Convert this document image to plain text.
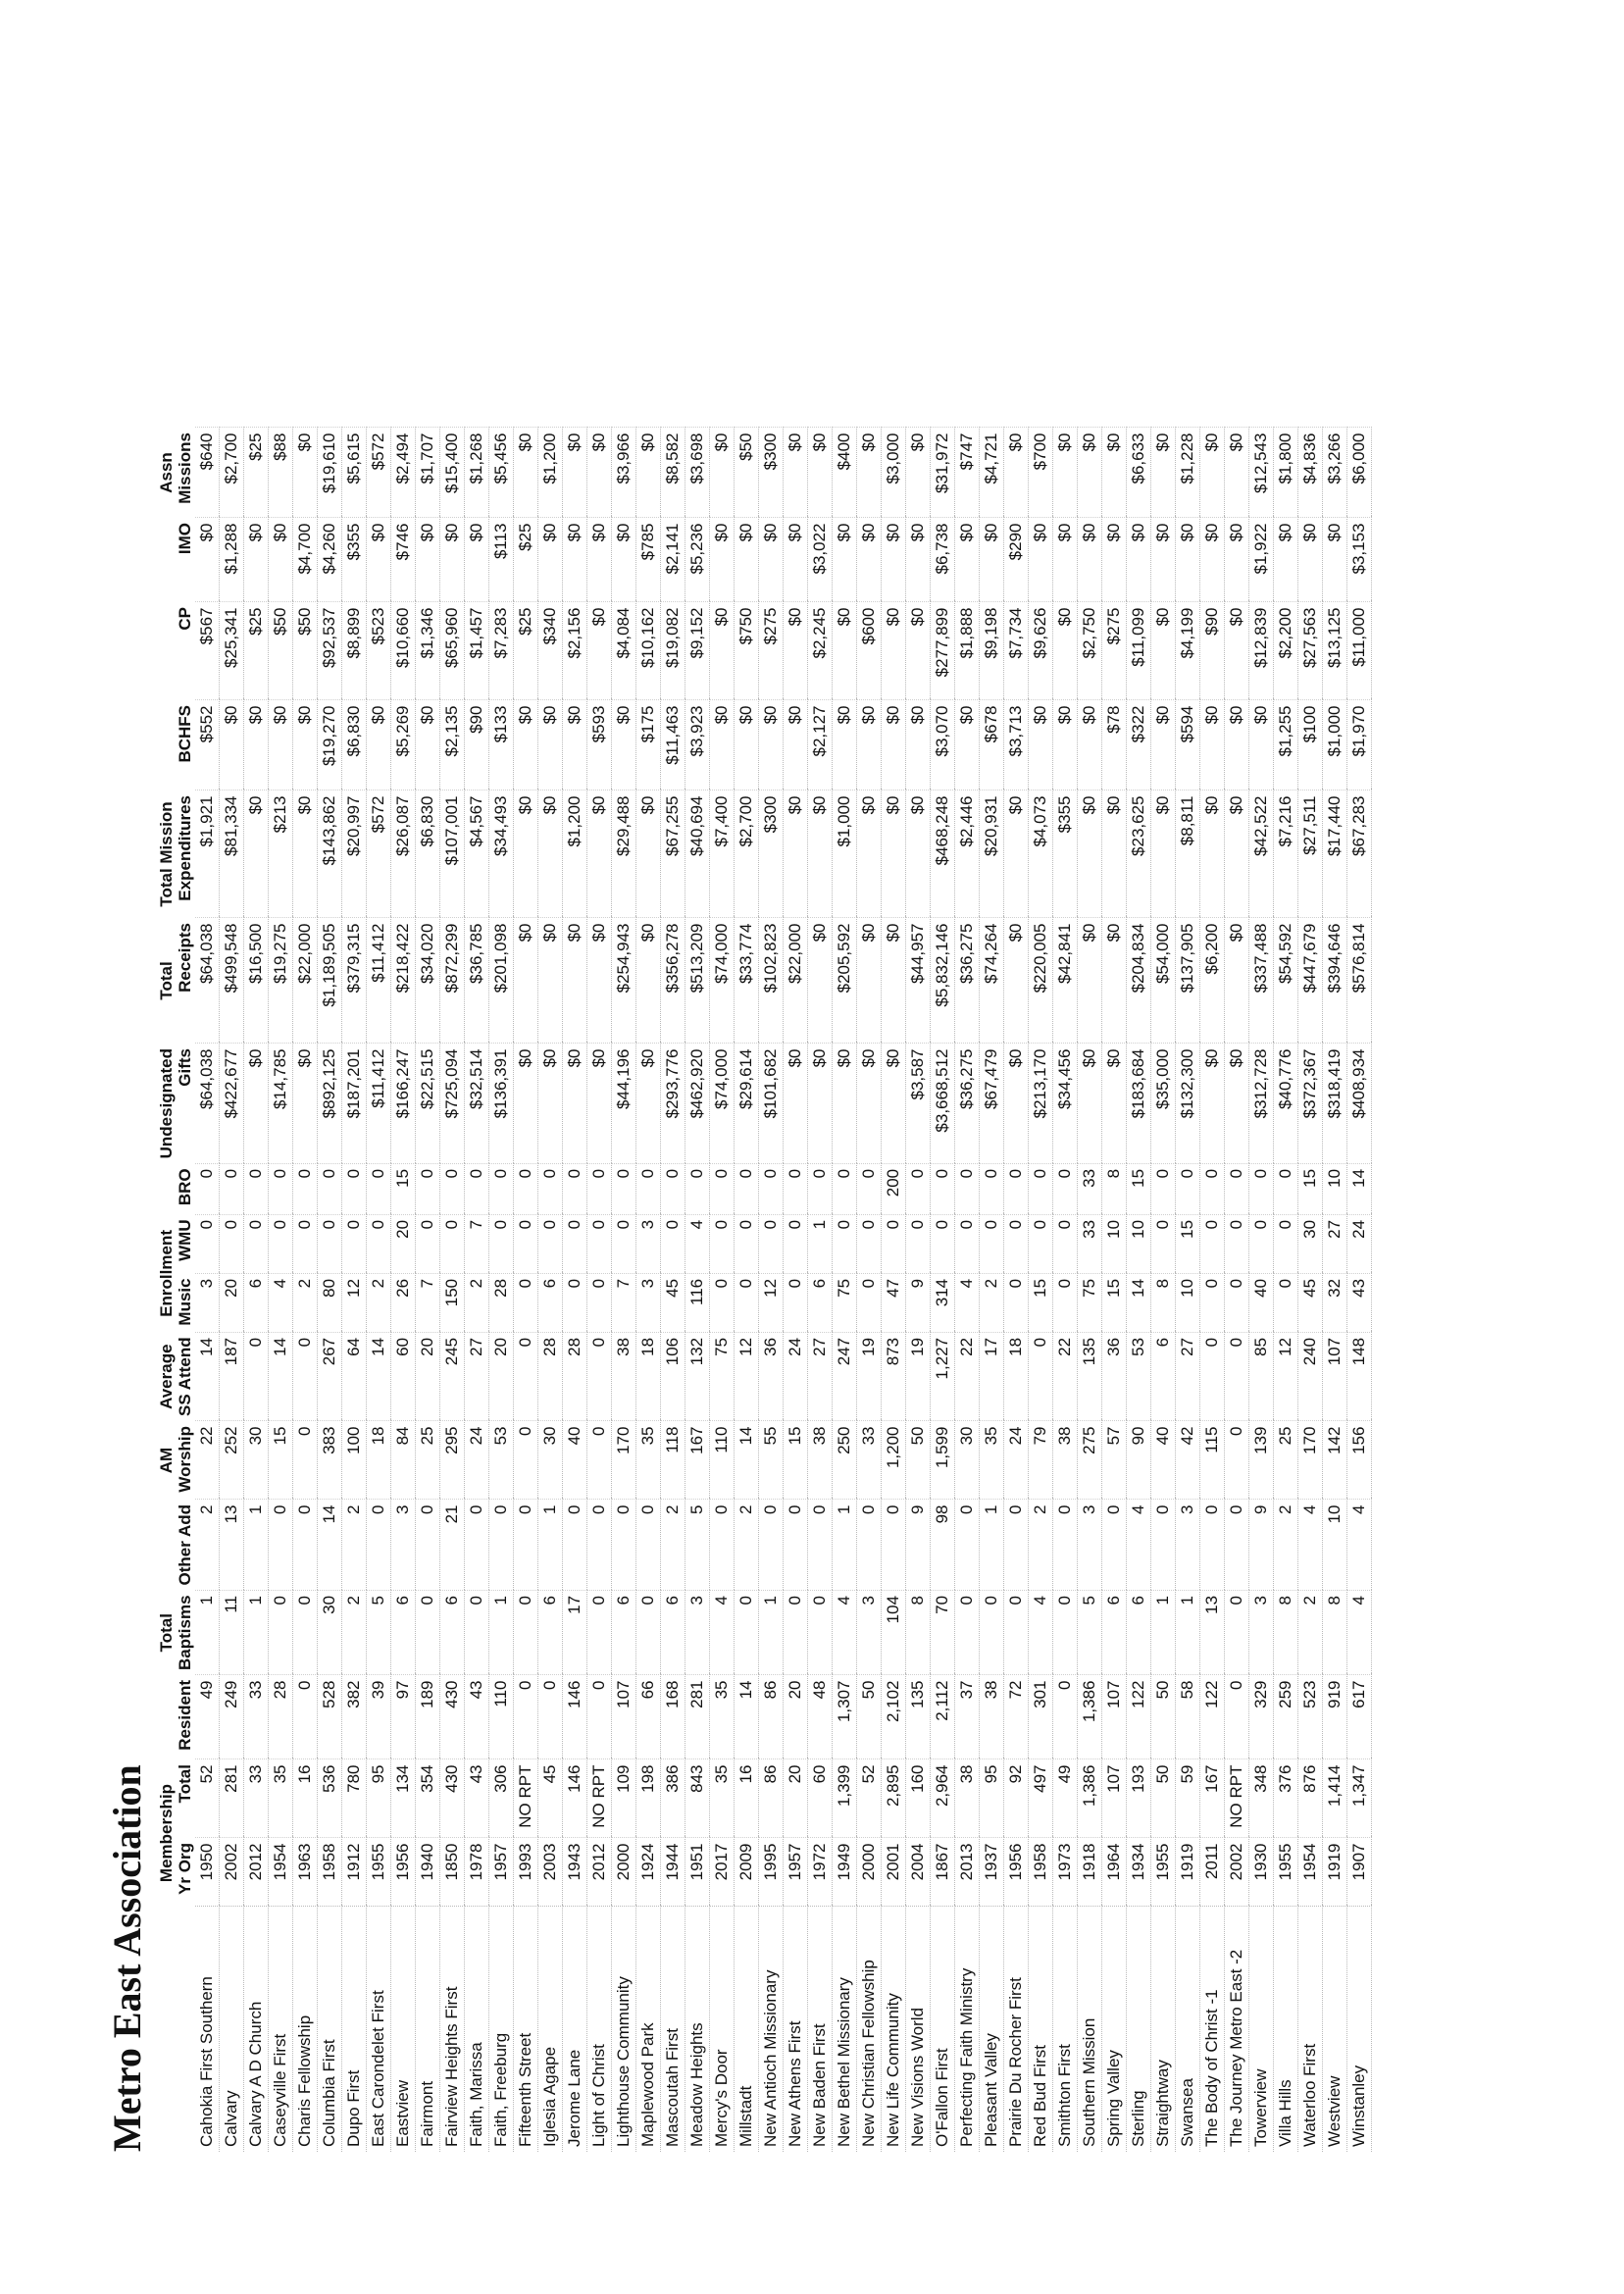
Metro East Association
	Membership			Total		AM	Average	Enrollment			Undesignated	Total	Total Mission				Assn
	Yr Org	Total	Resident	Baptisms	Other Add	Worship	SS Attend	Music	WMU	BRO	Gifts	Receipts	Expenditures	BCHFS	CP	IMO	Missions
Cahokia First Southern	1950	52	49	1	2	22	14	3	0	0	$64,038	$64,038	$1,921	$552	$567	$0	$640
Calvary	2002	281	249	11	13	252	187	20	0	0	$422,677	$499,548	$81,334	$0	$25,341	$1,288	$2,700
Calvary A D Church	2012	33	33	1	1	30	0	6	0	0	$0	$16,500	$0	$0	$25	$0	$25
Caseyville First	1954	35	28	0	0	15	14	4	0	0	$14,785	$19,275	$213	$0	$50	$0	$88
Charis Fellowship	1963	16	0	0	0	0	0	2	0	0	$0	$22,000	$0	$0	$50	$4,700	$0
Columbia First	1958	536	528	30	14	383	267	80	0	0	$892,125	$1,189,505	$143,862	$19,270	$92,537	$4,260	$19,610
Dupo First	1912	780	382	2	2	100	64	12	0	0	$187,201	$379,315	$20,997	$6,830	$8,899	$355	$5,615
East Carondelet First	1955	95	39	5	0	18	14	2	0	0	$11,412	$11,412	$572	$0	$523	$0	$572
Eastview	1956	134	97	6	3	84	60	26	20	15	$166,247	$218,422	$26,087	$5,269	$10,660	$746	$2,494
Fairmont	1940	354	189	0	0	25	20	7	0	0	$22,515	$34,020	$6,830	$0	$1,346	$0	$1,707
Fairview Heights First	1850	430	430	6	21	295	245	150	0	0	$725,094	$872,299	$107,001	$2,135	$65,960	$0	$15,400
Faith, Marissa	1978	43	43	0	0	24	27	2	7	0	$32,514	$36,785	$4,567	$90	$1,457	$0	$1,268
Faith, Freeburg	1957	306	110	1	0	53	20	28	0	0	$136,391	$201,098	$34,493	$133	$7,283	$113	$5,456
Fifteenth Street	1993	NO RPT	0	0	0	0	0	0	0	0	$0	$0	$0	$0	$25	$25	$0
Iglesia Agape	2003	45	0	6	1	30	28	6	0	0	$0	$0	$0	$0	$340	$0	$1,200
Jerome Lane	1943	146	146	17	0	40	28	0	0	0	$0	$0	$1,200	$0	$2,156	$0	$0
Light of Christ	2012	NO RPT	0	0	0	0	0	0	0	0	$0	$0	$0	$593	$0	$0	$0
Lighthouse Community	2000	109	107	6	0	170	38	7	0	0	$44,196	$254,943	$29,488	$0	$4,084	$0	$3,966
Maplewood Park	1924	198	66	0	0	35	18	3	3	0	$0	$0	$0	$175	$10,162	$785	$0
Mascoutah First	1944	386	168	6	2	118	106	45	0	0	$293,776	$356,278	$67,255	$11,463	$19,082	$2,141	$8,582
Meadow Heights	1951	843	281	3	5	167	132	116	4	0	$462,920	$513,209	$40,694	$3,923	$9,152	$5,236	$3,698
Mercy's Door	2017	35	35	4	0	110	75	0	0	0	$74,000	$74,000	$7,400	$0	$0	$0	$0
Millstadt	2009	16	14	0	2	14	12	0	0	0	$29,614	$33,774	$2,700	$0	$750	$0	$50
New Antioch Missionary	1995	86	86	1	0	55	36	12	0	0	$101,682	$102,823	$300	$0	$275	$0	$300
New Athens First	1957	20	20	0	0	15	24	0	0	0	$0	$22,000	$0	$0	$0	$0	$0
New Baden First	1972	60	48	0	0	38	27	6	1	0	$0	$0	$0	$2,127	$2,245	$3,022	$0
New Bethel Missionary	1949	1,399	1,307	4	1	250	247	75	0	0	$0	$205,592	$1,000	$0	$0	$0	$400
New Christian Fellowship	2000	52	50	3	0	33	19	0	0	0	$0	$0	$0	$0	$600	$0	$0
New Life Community	2001	2,895	2,102	104	0	1,200	873	47	0	200	$0	$0	$0	$0	$0	$0	$3,000
New Visions World	2004	160	135	8	9	50	19	9	0	0	$3,587	$44,957	$0	$0	$0	$0	$0
O'Fallon First	1867	2,964	2,112	70	98	1,599	1,227	314	0	0	$3,668,512	$5,832,146	$468,248	$3,070	$277,899	$6,738	$31,972
Perfecting Faith Ministry	2013	38	37	0	0	30	22	4	0	0	$36,275	$36,275	$2,446	$0	$1,888	$0	$747
Pleasant Valley	1937	95	38	0	1	35	17	2	0	0	$67,479	$74,264	$20,931	$678	$9,198	$0	$4,721
Prairie Du Rocher First	1956	92	72	0	0	24	18	0	0	0	$0	$0	$0	$3,713	$7,734	$290	$0
Red Bud First	1958	497	301	4	2	79	0	15	0	0	$213,170	$220,005	$4,073	$0	$9,626	$0	$700
Smithton First	1973	49	0	0	0	38	22	0	0	0	$34,456	$42,841	$355	$0	$0	$0	$0
Southern Mission	1918	1,386	1,386	5	3	275	135	75	33	33	$0	$0	$0	$0	$2,750	$0	$0
Spring Valley	1964	107	107	6	0	57	36	15	10	8	$0	$0	$0	$78	$275	$0	$0
Sterling	1934	193	122	6	4	90	53	14	10	15	$183,684	$204,834	$23,625	$322	$11,099	$0	$6,633
Straightway	1955	50	50	1	0	40	6	8	0	0	$35,000	$54,000	$0	$0	$0	$0	$0
Swansea	1919	59	58	1	3	42	27	10	15	0	$132,300	$137,905	$8,811	$594	$4,199	$0	$1,228
The Body of Christ -1	2011	167	122	13	0	115	0	0	0	0	$0	$6,200	$0	$0	$90	$0	$0
The Journey Metro East -2	2002	NO RPT	0	0	0	0	0	0	0	0	$0	$0	$0	$0	$0	$0	$0
Towerview	1930	348	329	3	9	139	85	40	0	0	$312,728	$337,488	$42,522	$0	$12,839	$1,922	$12,543
Villa Hills	1955	376	259	8	2	25	12	0	0	0	$40,776	$54,592	$7,216	$1,255	$2,200	$0	$1,800
Waterloo First	1954	876	523	2	4	170	240	45	30	15	$372,367	$447,679	$27,511	$100	$27,563	$0	$4,836
Westview	1919	1,414	919	8	10	142	107	32	27	10	$318,419	$394,646	$17,440	$1,000	$13,125	$0	$3,266
Winstanley	1907	1,347	617	4	4	156	148	43	24	14	$408,934	$576,814	$67,283	$1,970	$11,000	$3,153	$6,000
